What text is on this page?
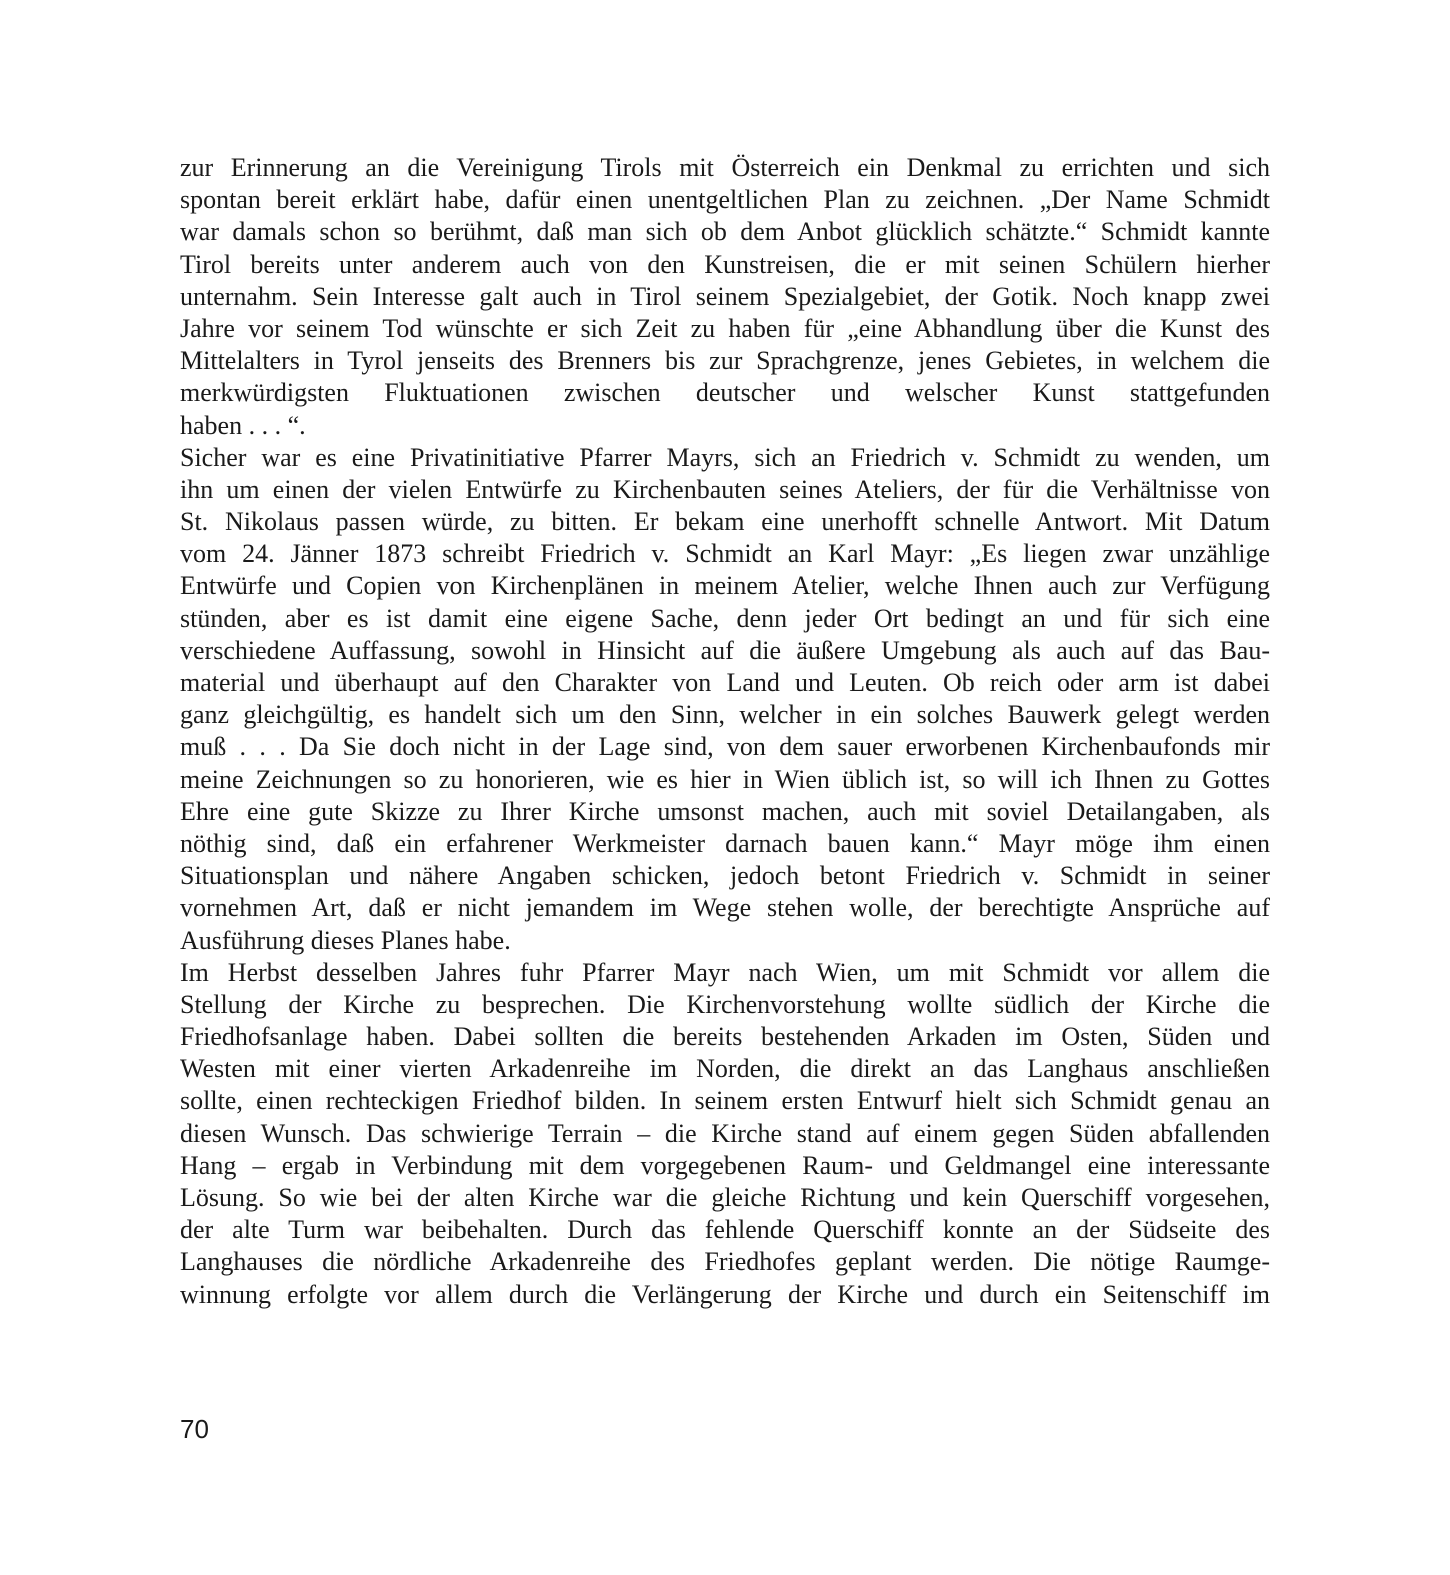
zur Erinnerung an die Vereinigung Tirols mit Österreich ein Denkmal zu errichten und sich
spontan bereit erklärt habe, dafür einen unentgeltlichen Plan zu zeichnen. „Der Name Schmidt
war damals schon so berühmt, daß man sich ob dem Anbot glücklich schätzte.“ Schmidt kannte
Tirol bereits unter anderem auch von den Kunstreisen, die er mit seinen Schülern hierher
unternahm. Sein Interesse galt auch in Tirol seinem Spezialgebiet, der Gotik. Noch knapp zwei
Jahre vor seinem Tod wünschte er sich Zeit zu haben für „eine Abhandlung über die Kunst des
Mittelalters in Tyrol jenseits des Brenners bis zur Sprachgrenze, jenes Gebietes, in welchem die
merkwürdigsten Fluktuationen zwischen deutscher und welscher Kunst stattgefunden
haben . . . “.
Sicher war es eine Privatinitiative Pfarrer Mayrs, sich an Friedrich v. Schmidt zu wenden, um
ihn um einen der vielen Entwürfe zu Kirchenbauten seines Ateliers, der für die Verhältnisse von
St. Nikolaus passen würde, zu bitten. Er bekam eine unerhofft schnelle Antwort. Mit Datum
vom 24. Jänner 1873 schreibt Friedrich v. Schmidt an Karl Mayr: „Es liegen zwar unzählige
Entwürfe und Copien von Kirchenplänen in meinem Atelier, welche Ihnen auch zur Verfügung
stünden, aber es ist damit eine eigene Sache, denn jeder Ort bedingt an und für sich eine
verschiedene Auffassung, sowohl in Hinsicht auf die äußere Umgebung als auch auf das Bau-
material und überhaupt auf den Charakter von Land und Leuten. Ob reich oder arm ist dabei
ganz gleichgültig, es handelt sich um den Sinn, welcher in ein solches Bauwerk gelegt werden
muß . . . Da Sie doch nicht in der Lage sind, von dem sauer erworbenen Kirchenbaufonds mir
meine Zeichnungen so zu honorieren, wie es hier in Wien üblich ist, so will ich Ihnen zu Gottes
Ehre eine gute Skizze zu Ihrer Kirche umsonst machen, auch mit soviel Detailangaben, als
nöthig sind, daß ein erfahrener Werkmeister darnach bauen kann.“ Mayr möge ihm einen
Situationsplan und nähere Angaben schicken, jedoch betont Friedrich v. Schmidt in seiner
vornehmen Art, daß er nicht jemandem im Wege stehen wolle, der berechtigte Ansprüche auf
Ausführung dieses Planes habe.
Im Herbst desselben Jahres fuhr Pfarrer Mayr nach Wien, um mit Schmidt vor allem die
Stellung der Kirche zu besprechen. Die Kirchenvorstehung wollte südlich der Kirche die
Friedhofsanlage haben. Dabei sollten die bereits bestehenden Arkaden im Osten, Süden und
Westen mit einer vierten Arkadenreihe im Norden, die direkt an das Langhaus anschließen
sollte, einen rechteckigen Friedhof bilden. In seinem ersten Entwurf hielt sich Schmidt genau an
diesen Wunsch. Das schwierige Terrain – die Kirche stand auf einem gegen Süden abfallenden
Hang – ergab in Verbindung mit dem vorgegebenen Raum- und Geldmangel eine interessante
Lösung. So wie bei der alten Kirche war die gleiche Richtung und kein Querschiff vorgesehen,
der alte Turm war beibehalten. Durch das fehlende Querschiff konnte an der Südseite des
Langhauses die nördliche Arkadenreihe des Friedhofes geplant werden. Die nötige Raumge-
winnung erfolgte vor allem durch die Verlängerung der Kirche und durch ein Seitenschiff im
70
